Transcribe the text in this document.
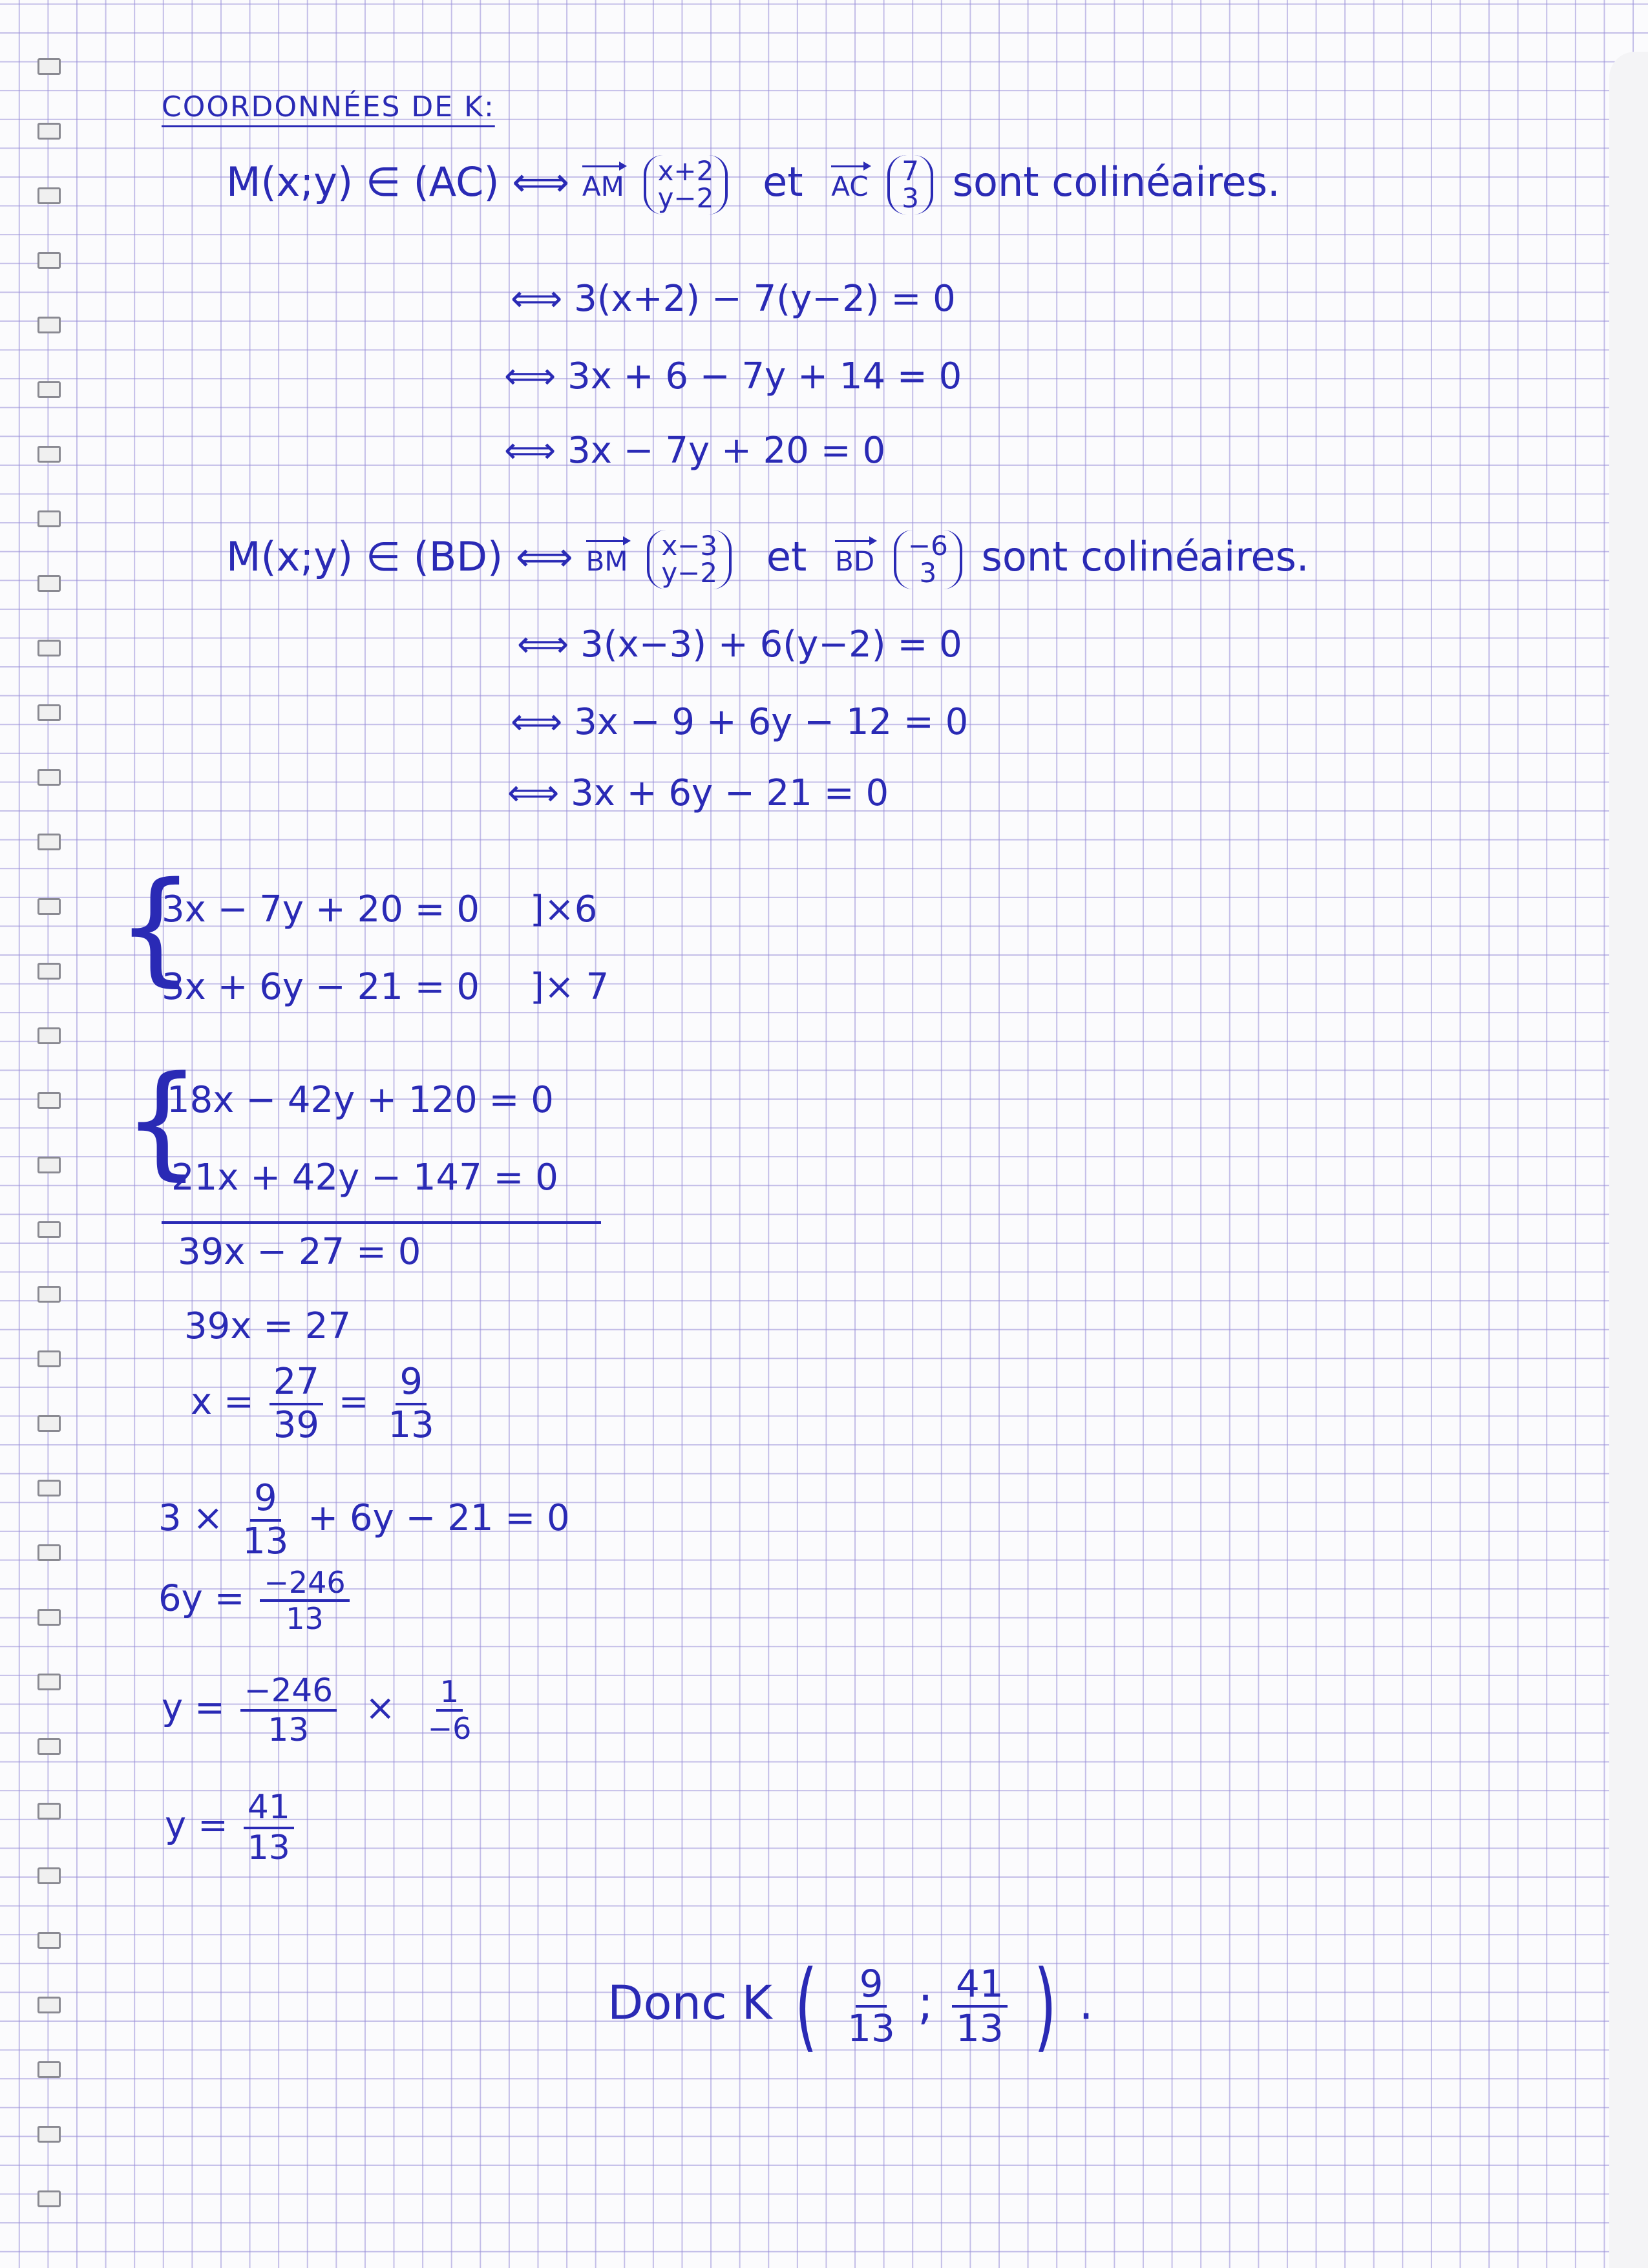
COORDONNÉES DE K:
M(x;y) ∈ (AC) ⟺ AM x+2
y−2 et AC 7
3 sont colinéaires.
⟺ 3(x+2) − 7(y−2) = 0
⟺ 3x + 6 − 7y + 14 = 0
⟺ 3x − 7y + 20 = 0
M(x;y) ∈ (BD) ⟺ BM x−3
y−2 et BD −6
3 sont colinéaires.
⟺ 3(x−3) + 6(y−2) = 0
⟺ 3x − 9 + 6y − 12 = 0
⟺ 3x + 6y − 21 = 0
{
3x − 7y + 20 = 0 ]×6
3x + 6y − 21 = 0 ]× 7
{
18x − 42y + 120 = 0
21x + 42y − 147 = 0
39x − 27 = 0
39x = 27
$x = \frac{27}{39} = \frac{9}{13}$
$3 \times \frac{9}{13} + 6y - 21 = 0$
$6y = \frac{-246}{13}$
$y = \frac{-246}{13} \times \frac{1}{-6}$
$y = \frac{41}{13}$
Donc K ( $\frac{9}{13}$ ; $\frac{41}{13}$ ) .
